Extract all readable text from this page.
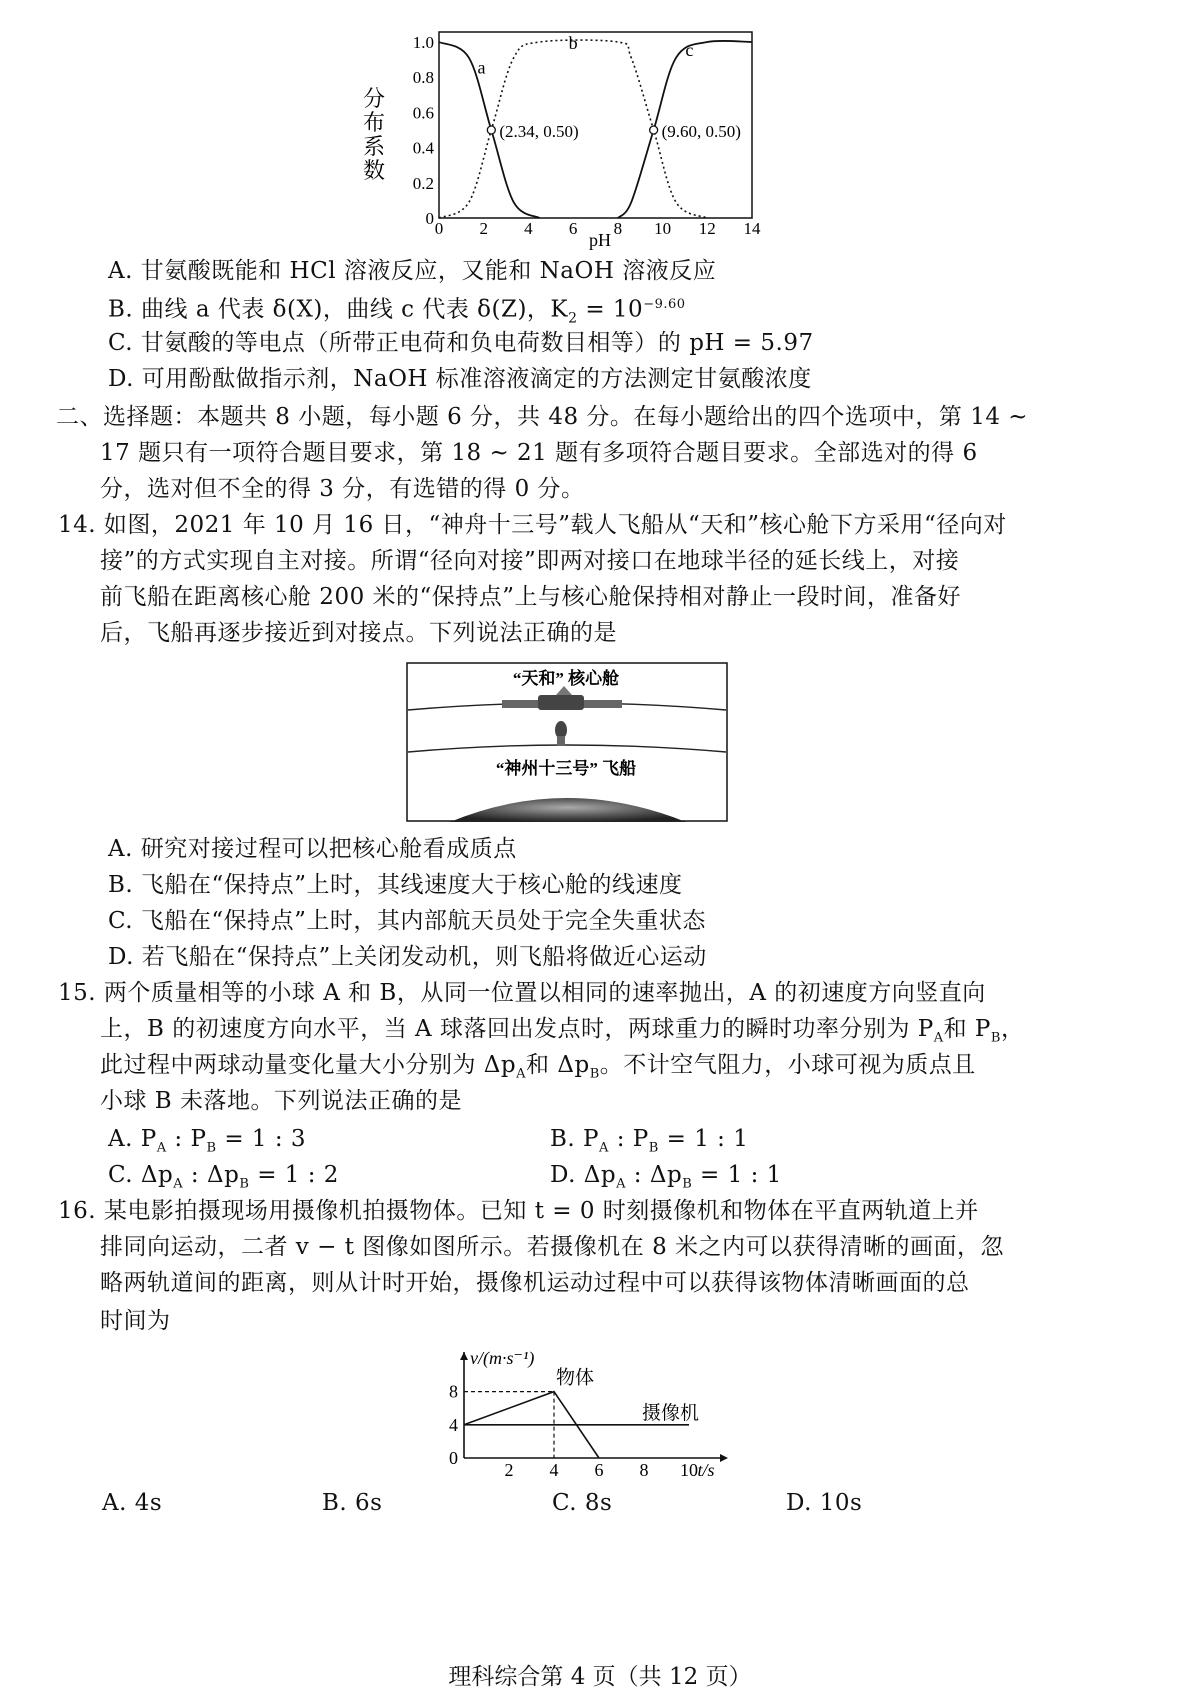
分
布
系
数
0 2 4 6 8 10 12 14
1.0
0.8
0.6
0.4
0.2
0
a
b	c
(2.34, 0.50)	(9.60, 0.50)
pH
A. 甘氨酸既能和 HCl 溶液反应，又能和 NaOH 溶液反应
B. 曲线 a 代表 δ(X)，曲线 c 代表 δ(Z)，$K_2 = 10^{-9.60}$
C. 甘氨酸的等电点（所带正电荷和负电荷数目相等）的 pH = 5.97
D. 可用酚酞做指示剂，NaOH 标准溶液滴定的方法测定甘氨酸浓度
二、选择题：本题共 8 小题，每小题 6 分，共 48 分。在每小题给出的四个选项中，第 14 ~
17 题只有一项符合题目要求，第 18 ~ 21 题有多项符合题目要求。全部选对的得 6
分，选对但不全的得 3 分，有选错的得 0 分。
14. 如图，2021 年 10 月 16 日，“神舟十三号”载人飞船从“天和”核心舱下方采用“径向对
接”的方式实现自主对接。所谓“径向对接”即两对接口在地球半径的延长线上，对接
前飞船在距离核心舱 200 米的“保持点”上与核心舱保持相对静止一段时间，准备好
后，飞船再逐步接近到对接点。下列说法正确的是
“天和” 核心舱
“神州十三号” 飞船
A. 研究对接过程可以把核心舱看成质点
B. 飞船在“保持点”上时，其线速度大于核心舱的线速度
C. 飞船在“保持点”上时，其内部航天员处于完全失重状态
D. 若飞船在“保持点”上关闭发动机，则飞船将做近心运动
15. 两个质量相等的小球 A 和 B，从同一位置以相同的速率抛出，A 的初速度方向竖直向
上，B 的初速度方向水平，当 A 球落回出发点时，两球重力的瞬时功率分别为 $P_A$和 $P_B$，
此过程中两球动量变化量大小分别为 $\Delta p_A$和 $\Delta p_B$。不计空气阻力，小球可视为质点且
小球 B 未落地。下列说法正确的是
A. $P_A$ : $P_B = 1$ : 3	B. $P_A$ : $P_B = 1$ : 1
C. $\Delta p_A$ : $\Delta p_B = 1$ : 2	D. $\Delta p_A$ : $\Delta p_B = 1$ : 1
16. 某电影拍摄现场用摄像机拍摄物体。已知 t = 0 时刻摄像机和物体在平直两轨道上并
排同向运动，二者 v − t 图像如图所示。若摄像机在 8 米之内可以获得清晰的画面，忽
略两轨道间的距离，则从计时开始，摄像机运动过程中可以获得该物体清晰画面的总
时间为
2 4 6 8 10
8
4
0
v/(m·s⁻¹)
t/s
物体
摄像机
A. 4s	B. 6s	C. 8s	D. 10s
理科综合第 4 页（共 12 页）
